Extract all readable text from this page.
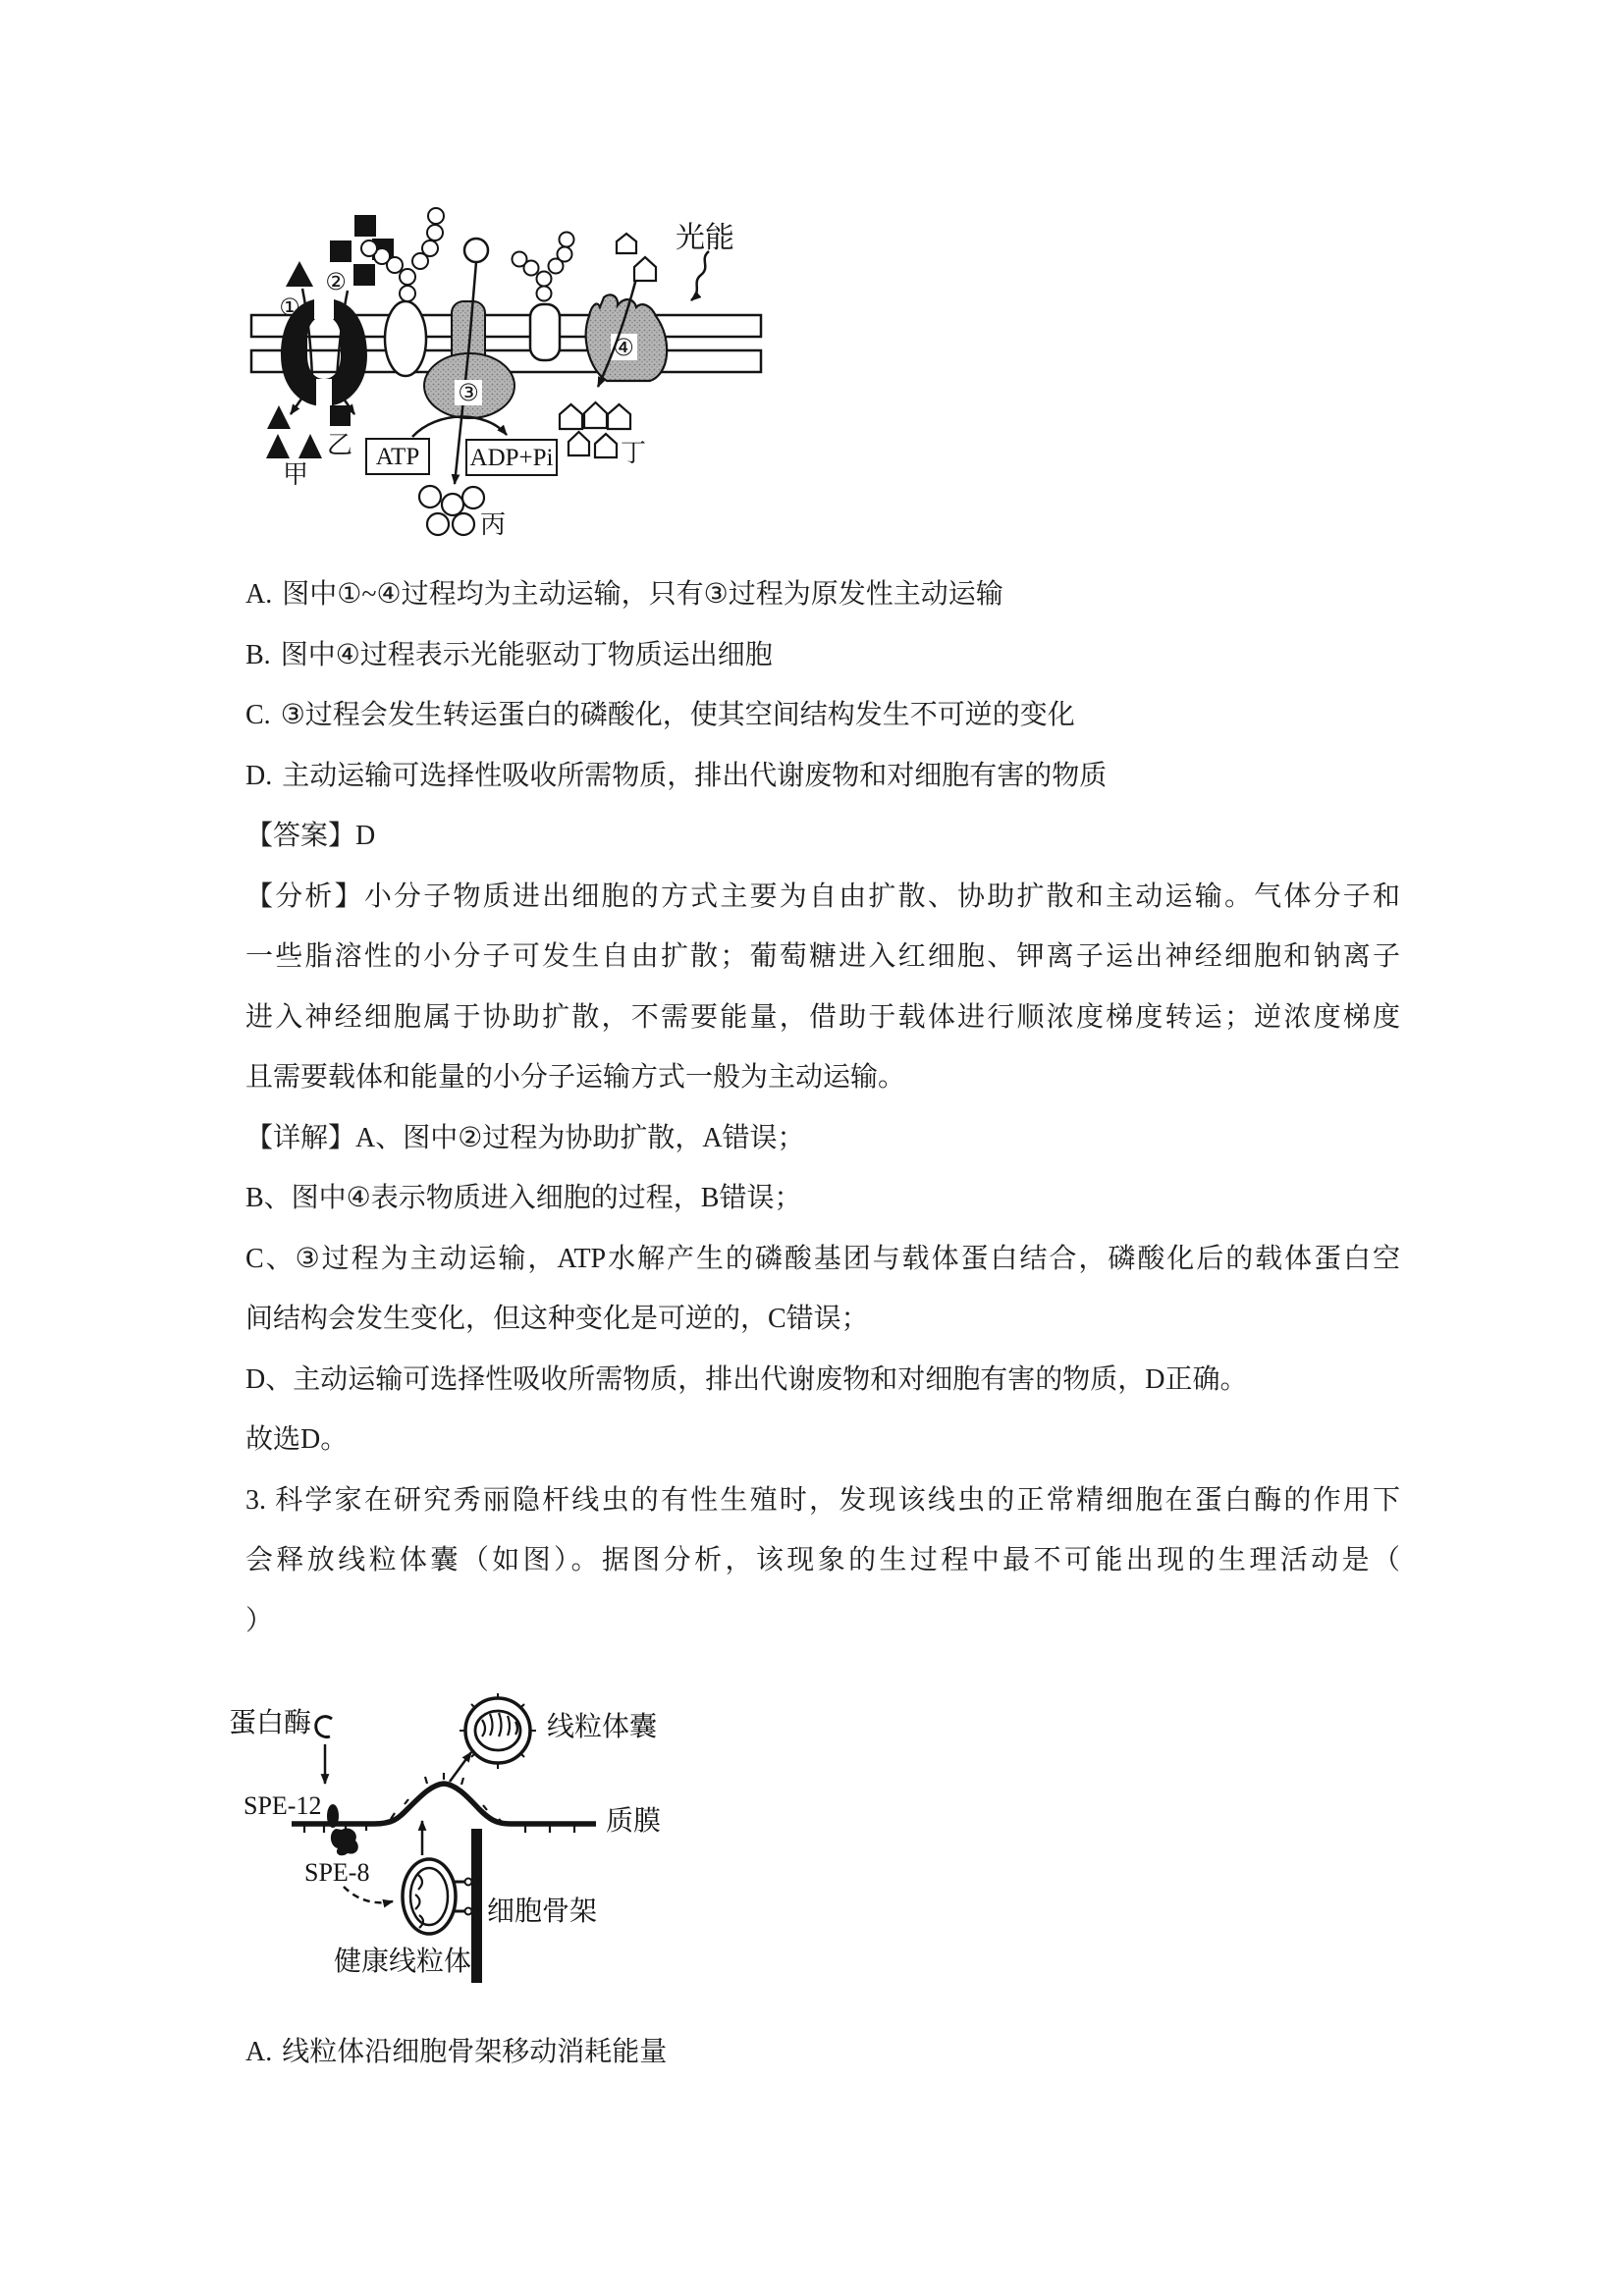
①
②
甲
乙
③
ATP ADP+Pi
丙
④
光能
丁
A. 图中①~④过程均为主动运输，只有③过程为原发性主动运输
B. 图中④过程表示光能驱动丁物质运出细胞
C. ③过程会发生转运蛋白的磷酸化，使其空间结构发生不可逆的变化
D. 主动运输可选择性吸收所需物质，排出代谢废物和对细胞有害的物质
【答案】D
【分析】小分子物质进出细胞的方式主要为自由扩散、协助扩散和主动运输。气体分子和
一些脂溶性的小分子可发生自由扩散；葡萄糖进入红细胞、钾离子运出神经细胞和钠离子
进入神经细胞属于协助扩散，不需要能量，借助于载体进行顺浓度梯度转运；逆浓度梯度
且需要载体和能量的小分子运输方式一般为主动运输。
【详解】A、图中②过程为协助扩散，A错误；
B、图中④表示物质进入细胞的过程，B错误；
C、③过程为主动运输，ATP水解产生的磷酸基团与载体蛋白结合，磷酸化后的载体蛋白空
间结构会发生变化，但这种变化是可逆的，C错误；
D、主动运输可选择性吸收所需物质，排出代谢废物和对细胞有害的物质，D正确。
故选D。
3. 科学家在研究秀丽隐杆线虫的有性生殖时，发现该线虫的正常精细胞在蛋白酶的作用下
会释放线粒体囊（如图）。据图分析，该现象的生过程中最不可能出现的生理活动是（
）
蛋白酶
SPE-12
SPE-8
线粒体囊
质膜
细胞骨架
健康线粒体
A. 线粒体沿细胞骨架移动消耗能量
